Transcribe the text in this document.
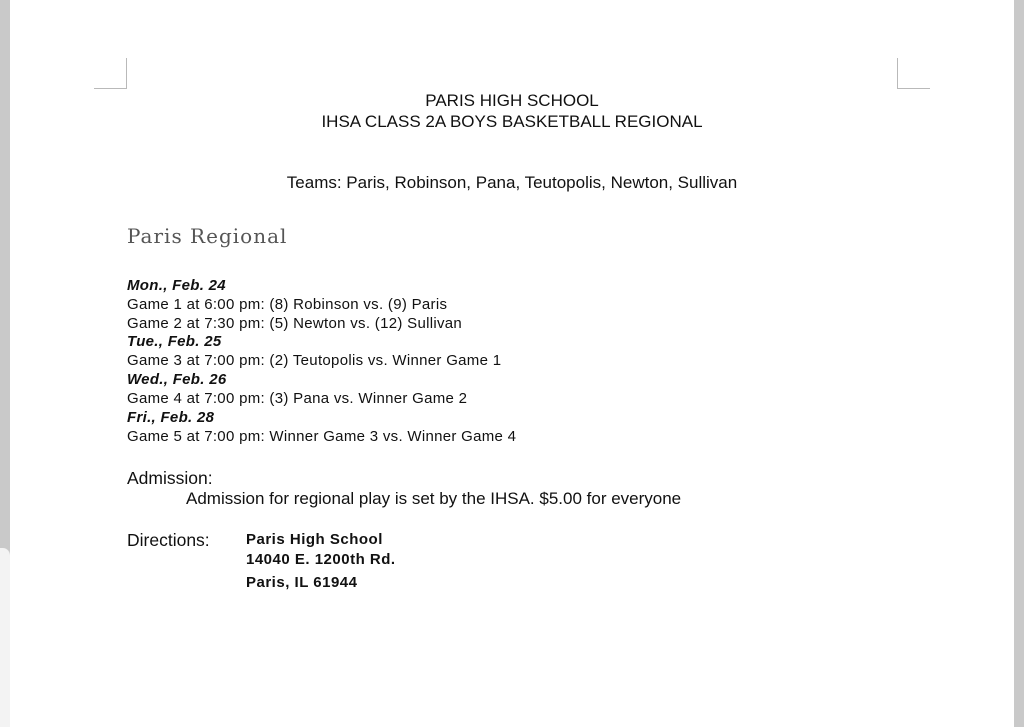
PARIS HIGH SCHOOL
IHSA CLASS 2A BOYS BASKETBALL REGIONAL
Teams: Paris, Robinson, Pana, Teutopolis, Newton, Sullivan
Paris Regional
Mon., Feb. 24
Game 1 at 6:00 pm: (8) Robinson vs. (9) Paris
Game 2 at 7:30 pm: (5) Newton vs. (12) Sullivan
Tue., Feb. 25
Game 3 at 7:00 pm: (2) Teutopolis vs. Winner Game 1
Wed., Feb. 26
Game 4 at 7:00 pm: (3) Pana vs. Winner Game 2
Fri., Feb. 28
Game 5 at 7:00 pm: Winner Game 3 vs. Winner Game 4
Admission:
Admission for regional play is set by the IHSA. $5.00 for everyone
Directions: Paris High School
14040 E. 1200th Rd.
Paris, IL 61944
